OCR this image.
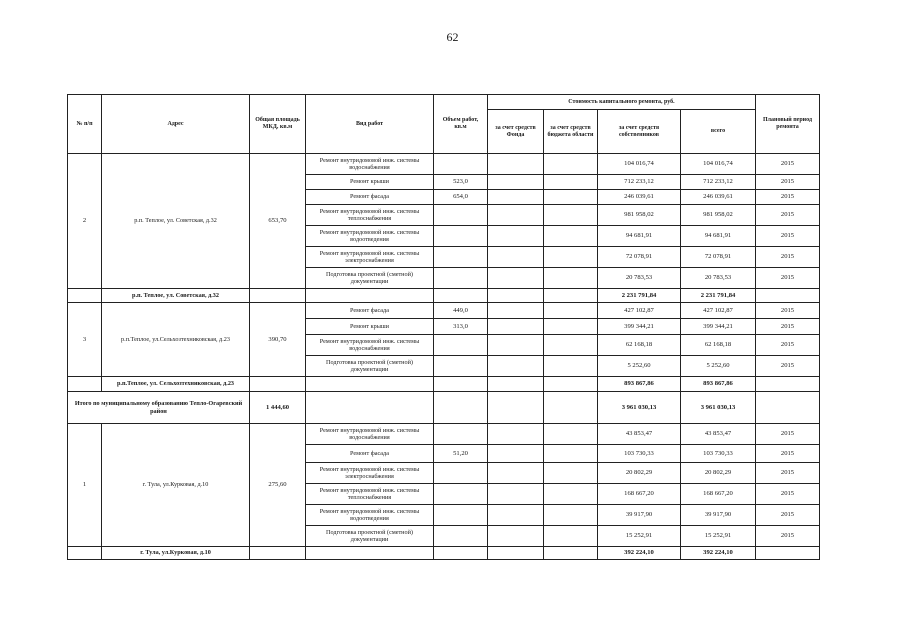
62
№ п/п	Адрес	Общая площадь МКД, кв.м	Вид работ	Объем работ, кв.м	Стоимость капитального ремонта, руб.				Плановый период ремонта
					за счет средств Фонда	за счет средств бюджета области	за счет средств собственников	всего	
2	р.п. Теплое, ул. Советская, д.32	653,70	Ремонт внутридомовой инж. системы водоснабжения				104 016,74	104 016,74	2015
			Ремонт крыши	523,0			712 233,12	712 233,12	2015
			Ремонт фасада	654,0			246 039,61	246 039,61	2015
			Ремонт внутридомовой инж. системы теплоснабжения				981 958,02	981 958,02	2015
			Ремонт внутридомовой инж. системы водоотведения				94 681,91	94 681,91	2015
			Ремонт внутридомовой инж. системы электроснабжения				72 078,91	72 078,91	2015
			Подготовка проектной (сметной) документации				20 783,53	20 783,53	2015
	р.п. Теплое, ул. Советская, д.32						2 231 791,84	2 231 791,84	
3	р.п.Теплое, ул.Сельхозтехниковская, д.23	390,70	Ремонт фасада	449,0			427 102,87	427 102,87	2015
			Ремонт крыши	313,0			399 344,21	399 344,21	2015
			Ремонт внутридомовой инж. системы водоснабжения				62 168,18	62 168,18	2015
			Подготовка проектной (сметной) документации				5 252,60	5 252,60	2015
	р.п.Теплое, ул. Сельхозтехниковская, д.23						893 867,86	893 867,86	
Итого по муниципальному образованию Тепло-Огаревский район		1 444,60					3 961 030,13	3 961 030,13	
1	г. Тула, ул.Курковая, д.10	275,60	Ремонт внутридомовой инж. системы водоснабжения				43 853,47	43 853,47	2015
			Ремонт фасада	51,20			103 730,33	103 730,33	2015
			Ремонт внутридомовой инж. системы электроснабжения				20 802,29	20 802,29	2015
			Ремонт внутридомовой инж. системы теплоснабжения				168 667,20	168 667,20	2015
			Ремонт внутридомовой инж. системы водоотведения				39 917,90	39 917,90	2015
			Подготовка проектной (сметной) документации				15 252,91	15 252,91	2015
	г. Тула, ул.Курковая, д.10						392 224,10	392 224,10	
